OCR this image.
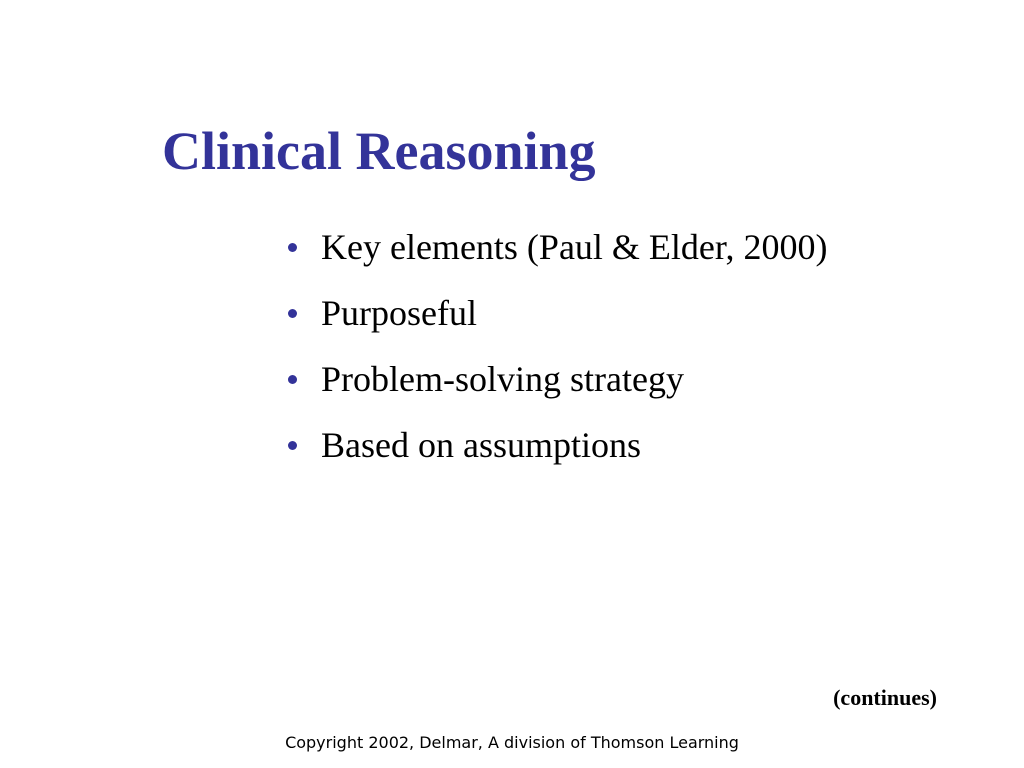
Clinical Reasoning
Key elements (Paul & Elder, 2000)
Purposeful
Problem-solving strategy
Based on assumptions

(continues)

Copyright 2002, Delmar, A division of Thomson Learning
